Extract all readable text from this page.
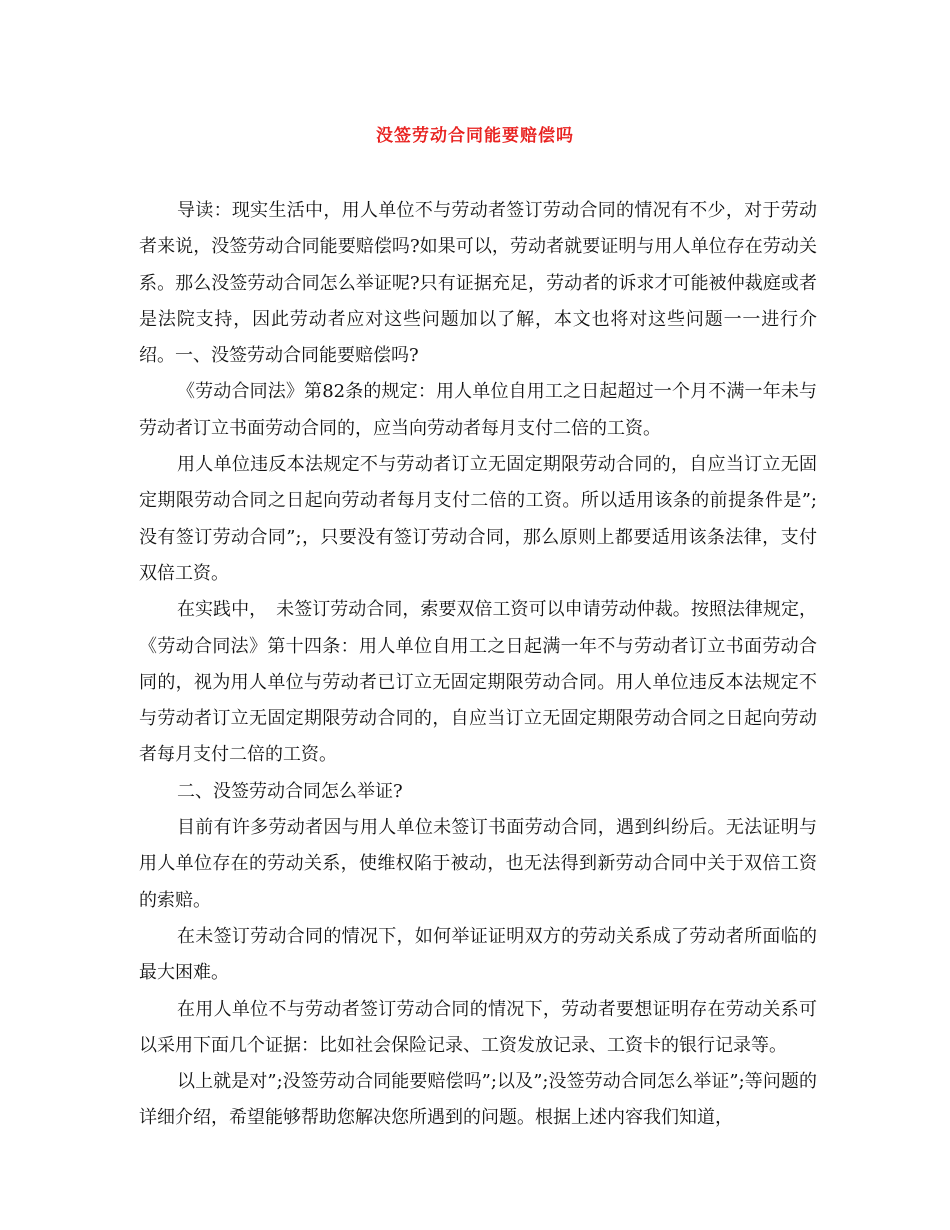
没签劳动合同能要赔偿吗

导读：现实生活中，用人单位不与劳动者签订劳动合同的情况有不少，对于劳动者来说，没签劳动合同能要赔偿吗?如果可以，劳动者就要证明与用人单位存在劳动关系。那么没签劳动合同怎么举证呢?只有证据充足，劳动者的诉求才可能被仲裁庭或者是法院支持，因此劳动者应对这些问题加以了解，本文也将对这些问题一一进行介绍。一、没签劳动合同能要赔偿吗?

《劳动合同法》第82条的规定：用人单位自用工之日起超过一个月不满一年未与劳动者订立书面劳动合同的，应当向劳动者每月支付二倍的工资。

用人单位违反本法规定不与劳动者订立无固定期限劳动合同的，自应当订立无固定期限劳动合同之日起向劳动者每月支付二倍的工资。所以适用该条的前提条件是”;没有签订劳动合同”;，只要没有签订劳动合同，那么原则上都要适用该条法律，支付双倍工资。

在实践中，　未签订劳动合同，索要双倍工资可以申请劳动仲裁。按照法律规定，《劳动合同法》第十四条：用人单位自用工之日起满一年不与劳动者订立书面劳动合同的，视为用人单位与劳动者已订立无固定期限劳动合同。用人单位违反本法规定不与劳动者订立无固定期限劳动合同的，自应当订立无固定期限劳动合同之日起向劳动者每月支付二倍的工资。

二、没签劳动合同怎么举证?

目前有许多劳动者因与用人单位未签订书面劳动合同，遇到纠纷后。无法证明与用人单位存在的劳动关系，使维权陷于被动，也无法得到新劳动合同中关于双倍工资的索赔。

在未签订劳动合同的情况下，如何举证证明双方的劳动关系成了劳动者所面临的最大困难。

在用人单位不与劳动者签订劳动合同的情况下，劳动者要想证明存在劳动关系可以采用下面几个证据：比如社会保险记录、工资发放记录、工资卡的银行记录等。

以上就是对”;没签劳动合同能要赔偿吗”;以及”;没签劳动合同怎么举证”;等问题的详细介绍，希望能够帮助您解决您所遇到的问题。根据上述内容我们知道，
